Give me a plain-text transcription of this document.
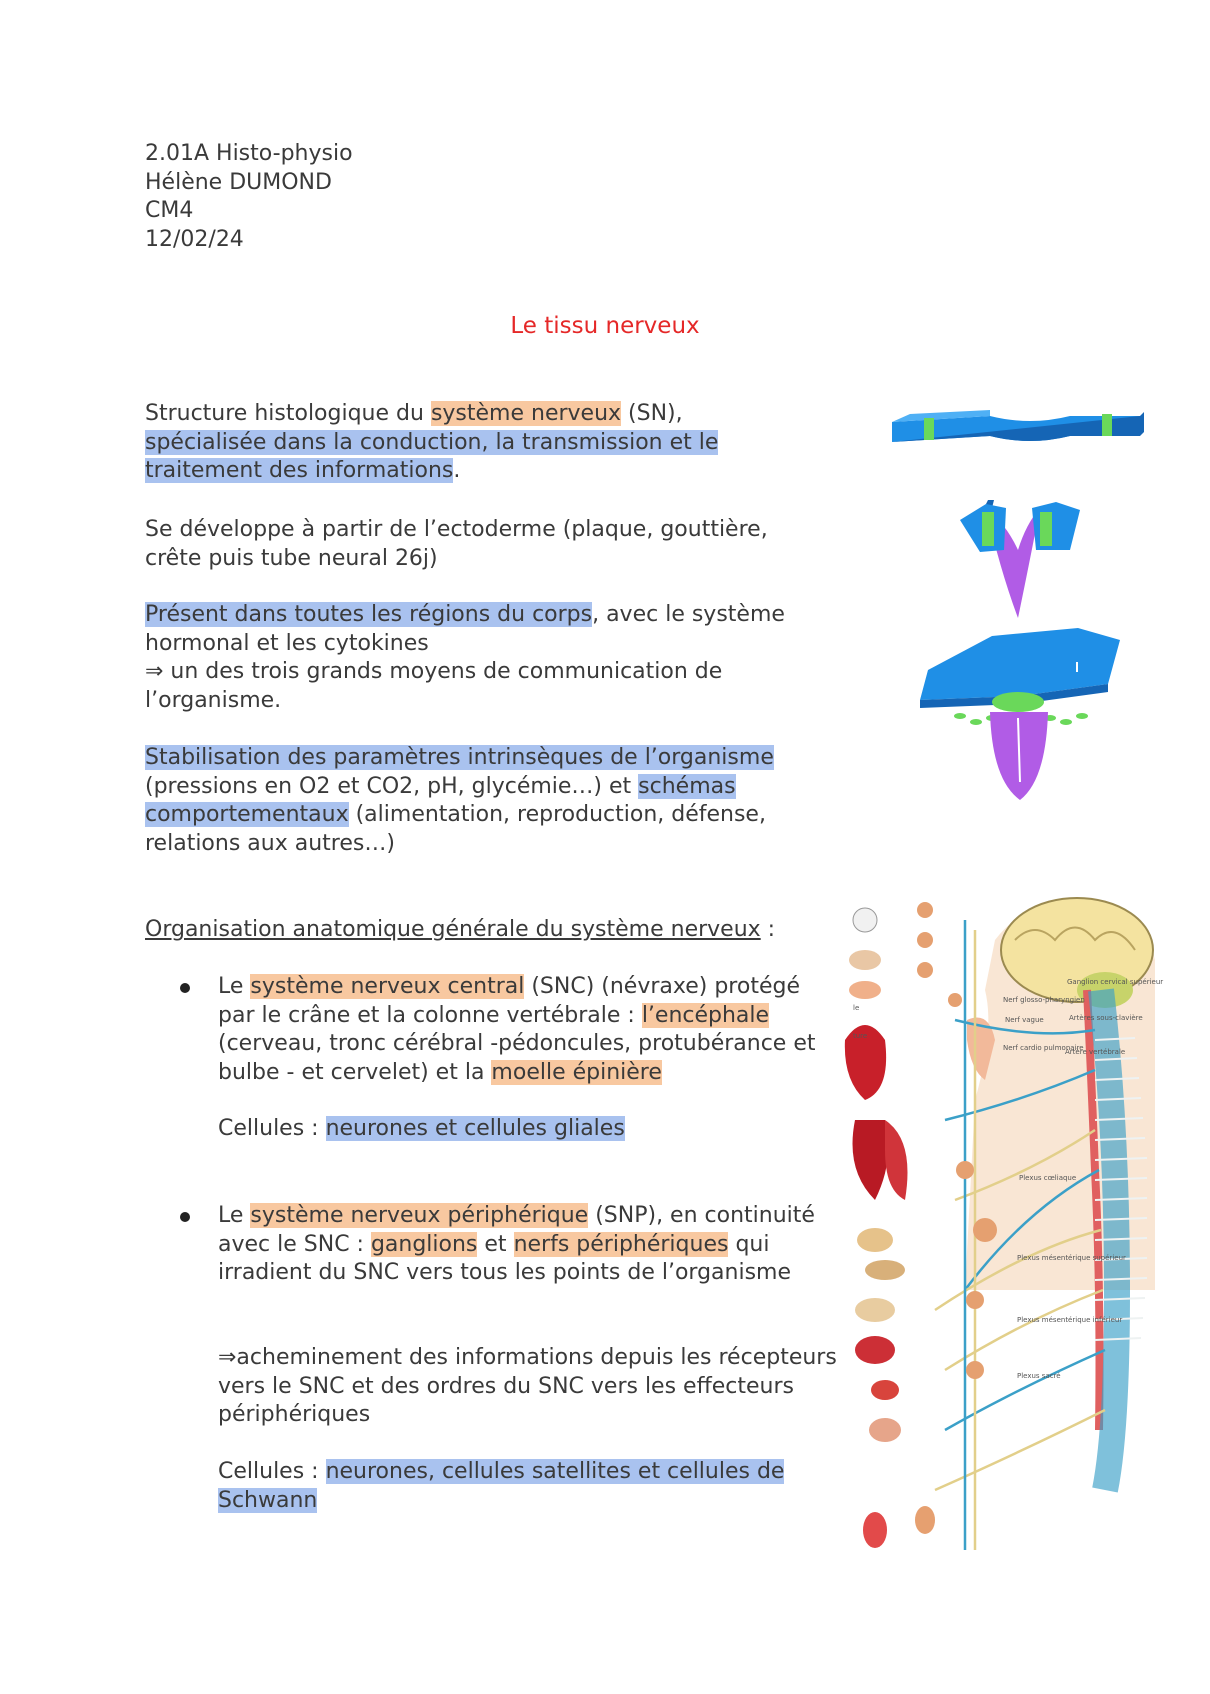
2.01A Histo-physio
Hélène DUMOND
CM4
12/02/24
Le tissu nerveux
Structure histologique du système nerveux (SN),
spécialisée dans la conduction, la transmission et le traitement des informations.
Se développe à partir de l’ectoderme (plaque, gouttière, crête puis tube neural 26j)
Présent dans toutes les régions du corps, avec le système hormonal et les cytokines
⇒ un des trois grands moyens de communication de l’organisme.
Stabilisation des paramètres intrinsèques de l’organisme (pressions en O2 et CO2, pH, glycémie…) et schémas comportementaux (alimentation, reproduction, défense, relations aux autres…)
Organisation anatomique générale du système nerveux :
Le système nerveux central (SNC) (névraxe) protégé par le crâne et la colonne vertébrale : l’encéphale (cerveau, tronc cérébral -pédoncules, protubérance et bulbe - et cervelet) et la moelle épinière
Cellules : neurones et cellules gliales
Le système nerveux périphérique (SNP), en continuité avec le SNC : ganglions et nerfs périphériques qui irradient du SNC vers tous les points de l’organisme
⇒acheminement des informations depuis les récepteurs vers le SNC et des ordres du SNC vers les effecteurs périphériques
Cellules : neurones, cellules satellites et cellules de Schwann
le
ture
Nerf glosso-pharyngien
Ganglion cervical supérieur
Nerf vague	Artères sous-clavière
Nerf cardio pulmonaire
Artère vertébrale
Plexus cœliaque
Plexus mésentérique supérieur
Plexus mésentérique inférieur
Plexus sacré
